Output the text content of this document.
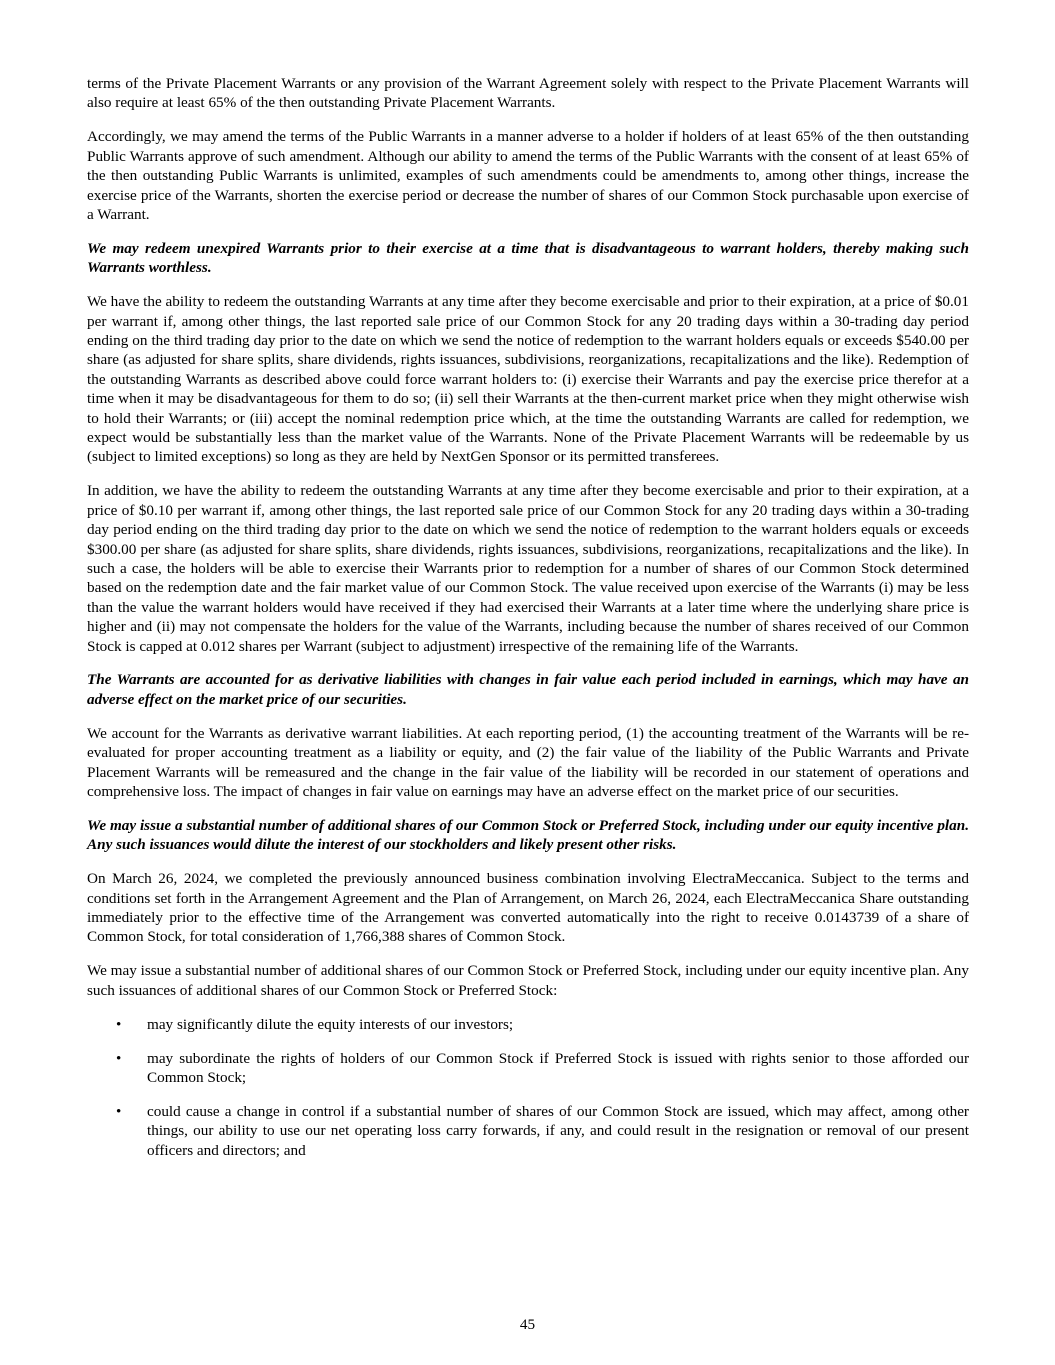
terms of the Private Placement Warrants or any provision of the Warrant Agreement solely with respect to the Private Placement Warrants will also require at least 65% of the then outstanding Private Placement Warrants.

Accordingly, we may amend the terms of the Public Warrants in a manner adverse to a holder if holders of at least 65% of the then outstanding Public Warrants approve of such amendment. Although our ability to amend the terms of the Public Warrants with the consent of at least 65% of the then outstanding Public Warrants is unlimited, examples of such amendments could be amendments to, among other things, increase the exercise price of the Warrants, shorten the exercise period or decrease the number of shares of our Common Stock purchasable upon exercise of a Warrant.

We may redeem unexpired Warrants prior to their exercise at a time that is disadvantageous to warrant holders, thereby making such Warrants worthless.

We have the ability to redeem the outstanding Warrants at any time after they become exercisable and prior to their expiration, at a price of $0.01 per warrant if, among other things, the last reported sale price of our Common Stock for any 20 trading days within a 30-trading day period ending on the third trading day prior to the date on which we send the notice of redemption to the warrant holders equals or exceeds $540.00 per share (as adjusted for share splits, share dividends, rights issuances, subdivisions, reorganizations, recapitalizations and the like). Redemption of the outstanding Warrants as described above could force warrant holders to: (i) exercise their Warrants and pay the exercise price therefor at a time when it may be disadvantageous for them to do so; (ii) sell their Warrants at the then-current market price when they might otherwise wish to hold their Warrants; or (iii) accept the nominal redemption price which, at the time the outstanding Warrants are called for redemption, we expect would be substantially less than the market value of the Warrants. None of the Private Placement Warrants will be redeemable by us (subject to limited exceptions) so long as they are held by NextGen Sponsor or its permitted transferees.

In addition, we have the ability to redeem the outstanding Warrants at any time after they become exercisable and prior to their expiration, at a price of $0.10 per warrant if, among other things, the last reported sale price of our Common Stock for any 20 trading days within a 30-trading day period ending on the third trading day prior to the date on which we send the notice of redemption to the warrant holders equals or exceeds $300.00 per share (as adjusted for share splits, share dividends, rights issuances, subdivisions, reorganizations, recapitalizations and the like). In such a case, the holders will be able to exercise their Warrants prior to redemption for a number of shares of our Common Stock determined based on the redemption date and the fair market value of our Common Stock. The value received upon exercise of the Warrants (i) may be less than the value the warrant holders would have received if they had exercised their Warrants at a later time where the underlying share price is higher and (ii) may not compensate the holders for the value of the Warrants, including because the number of shares received of our Common Stock is capped at 0.012 shares per Warrant (subject to adjustment) irrespective of the remaining life of the Warrants.

The Warrants are accounted for as derivative liabilities with changes in fair value each period included in earnings, which may have an adverse effect on the market price of our securities.

We account for the Warrants as derivative warrant liabilities. At each reporting period, (1) the accounting treatment of the Warrants will be re-evaluated for proper accounting treatment as a liability or equity, and (2) the fair value of the liability of the Public Warrants and Private Placement Warrants will be remeasured and the change in the fair value of the liability will be recorded in our statement of operations and comprehensive loss. The impact of changes in fair value on earnings may have an adverse effect on the market price of our securities.

We may issue a substantial number of additional shares of our Common Stock or Preferred Stock, including under our equity incentive plan. Any such issuances would dilute the interest of our stockholders and likely present other risks.

On March 26, 2024, we completed the previously announced business combination involving ElectraMeccanica. Subject to the terms and conditions set forth in the Arrangement Agreement and the Plan of Arrangement, on March 26, 2024, each ElectraMeccanica Share outstanding immediately prior to the effective time of the Arrangement was converted automatically into the right to receive 0.0143739 of a share of Common Stock, for total consideration of 1,766,388 shares of Common Stock.

We may issue a substantial number of additional shares of our Common Stock or Preferred Stock, including under our equity incentive plan. Any such issuances of additional shares of our Common Stock or Preferred Stock:

• may significantly dilute the equity interests of our investors;
• may subordinate the rights of holders of our Common Stock if Preferred Stock is issued with rights senior to those afforded our Common Stock;
• could cause a change in control if a substantial number of shares of our Common Stock are issued, which may affect, among other things, our ability to use our net operating loss carry forwards, if any, and could result in the resignation or removal of our present officers and directors; and
45
